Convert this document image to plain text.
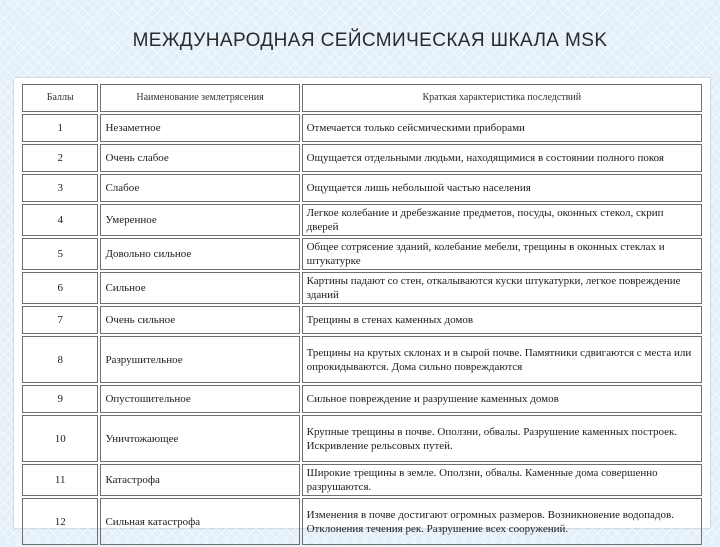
МЕЖДУНАРОДНАЯ СЕЙСМИЧЕСКАЯ ШКАЛА MSK
Баллы	Наименование землетрясения	Краткая характеристика последствий
1	Незаметное	Отмечается только сейсмическими приборами
2	Очень слабое	Ощущается отдельными людьми, находящимися в состоянии полного покоя
3	Слабое	Ощущается лишь небольшой частью населения
4	Умеренное	Легкое колебание и дребезжание предметов, посуды, оконных стекол, скрип дверей
5	Довольно сильное	Общее сотрясение зданий, колебание мебели, трещины в оконных стеклах и штукатурке
6	Сильное	Картины падают со стен, откалываются куски штукатурки, легкое повреждение зданий
7	Очень сильное	Трещины в стенах каменных домов
8	Разрушительное	Трещины на крутых склонах и в сырой почве. Памятники сдвигаются с места или опрокидываются. Дома сильно повреждаются
9	Опустошительное	Сильное повреждение и разрушение каменных домов
10	Уничтожающее	Крупные трещины в почве. Оползни, обвалы. Разрушение каменных построек. Искривление рельсовых путей.
11	Катастрофа	Широкие трещины в земле. Оползни, обвалы. Каменные дома совершенно разрушаются.
12	Сильная катастрофа	Изменения в почве достигают огромных размеров. Возникновение водопадов. Отклонения течения рек. Разрушение всех сооружений.
